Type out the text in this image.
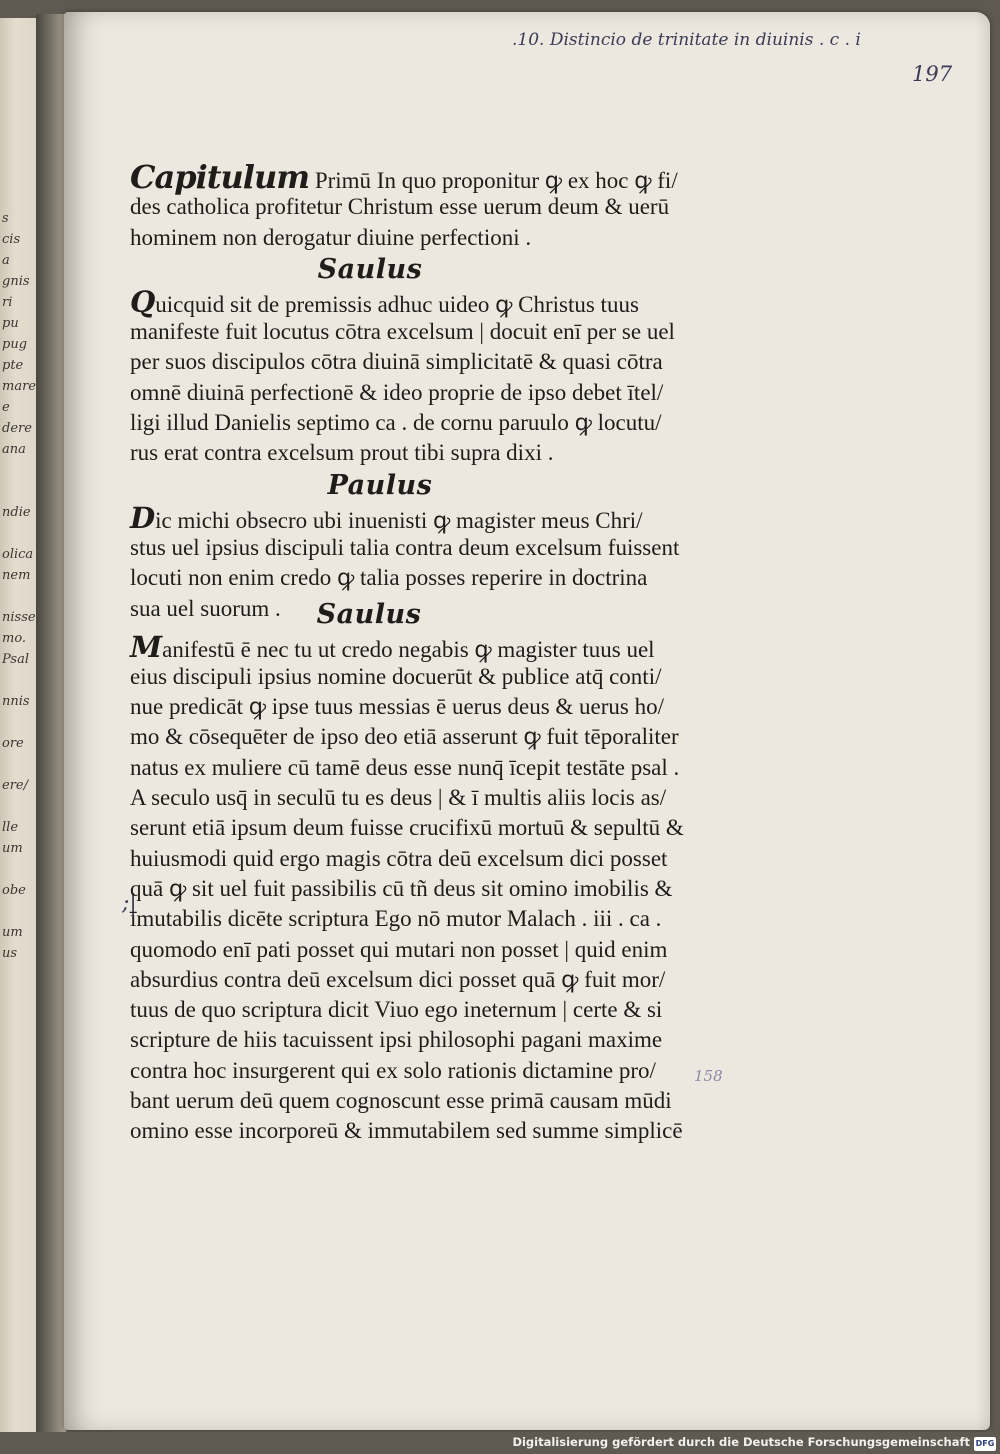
s
cis
a
gnis
ri
pu
pug
pte
mare
e
dere
ana
ndie
olica
nem
nisse
mo.
Psal
nnis
ore
ere/
lle
um
obe
um
us
.10. Distincio de trinitate in diuinis . c . i
197
;|
Capitulum Primū In quo proponitur ꝙ ex hoc ꝙ fi/
des catholica profitetur Christum esse uerum deum & uerū
hominem non derogatur diuine perfectioni .
Saulus
Quicquid sit de premissis adhuc uideo ꝙ Christus tuus
manifeste fuit locutus cōtra excelsum | docuit enī per se uel
per suos discipulos cōtra diuinā simplicitatē & quasi cōtra
omnē diuinā perfectionē & ideo proprie de ipso debet ītel/
ligi illud Danielis septimo ca . de cornu paruulo ꝙ locutu/
rus erat contra excelsum prout tibi supra dixi .
Paulus
Dic michi obsecro ubi inuenisti ꝙ magister meus Chri/
stus uel ipsius discipuli talia contra deum excelsum fuissent
locuti non enim credo ꝙ talia posses reperire in doctrina
sua uel suorum .	Saulus
Manifestū ē nec tu ut credo negabis ꝙ magister tuus uel
eius discipuli ipsius nomine docuerūt & publice atq̄ conti/
nue predicāt ꝙ ipse tuus messias ē uerus deus & uerus ho/
mo & cōsequēter de ipso deo etiā asserunt ꝙ fuit tēporaliter
natus ex muliere cū tamē deus esse nunq̄ īcepit testāte psal .
A seculo usq̄ in seculū tu es deus | & ī multis aliis locis as/
serunt etiā ipsum deum fuisse crucifixū mortuū & sepultū &
huiusmodi quid ergo magis cōtra deū excelsum dici posset
quā ꝙ sit uel fuit passibilis cū tñ deus sit omino imobilis &
īmutabilis dicēte scriptura Ego nō mutor Malach . iii . ca .
quomodo enī pati posset qui mutari non posset | quid enim
absurdius contra deū excelsum dici posset quā ꝙ fuit mor/
tuus de quo scriptura dicit Viuo ego ineternum | certe & si
scripture de hiis tacuissent ipsi philosophi pagani maxime
contra hoc insurgerent qui ex solo rationis dictamine pro/
bant uerum deū quem cognoscunt esse primā causam mūdi
omino esse incorporeū & immutabilem sed summe simplicē
158
Digitalisierung gefördert durch die Deutsche Forschungsgemeinschaft DFG
